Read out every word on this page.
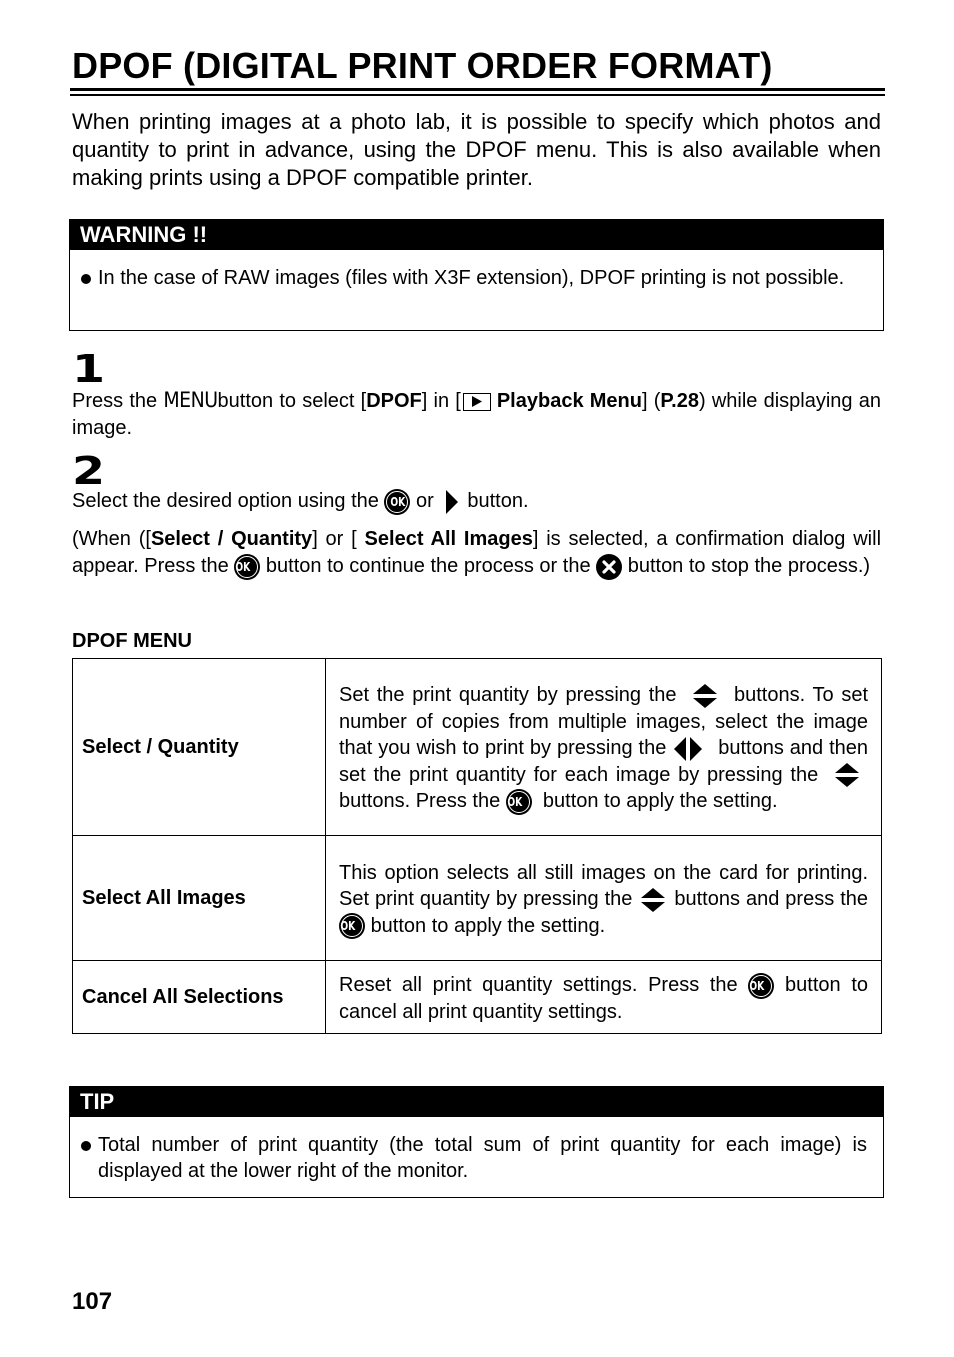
DPOF (DIGITAL PRINT ORDER FORMAT)
When printing images at a photo lab, it is possible to specify which photos and quantity to print in advance, using the DPOF menu. This is also available when making prints using a DPOF compatible printer.
WARNING !!
In the case of RAW images (files with X3F extension), DPOF printing is not possible.
1
Press the MENUbutton to select [DPOF] in [ Playback Menu] (P.28) while displaying an image.
2
Select the desired option using the OK or button.
(When ([Select / Quantity] or [ Select All Images] is selected, a confirmation dialog will appear. Press the OK button to continue the process or the button to stop the process.)
DPOF MENU
Select / Quantity	Set the print quantity by pressing the buttons. To set number of copies from multiple images, select the image that you wish to print by pressing the buttons and then set the print quantity for each image by pressing the  buttons. Press the OK button to apply the setting.
Select All Images	This option selects all still images on the card for printing. Set print quantity by pressing the buttons and press the OK button to apply the setting.
Cancel All Selections	Reset all print quantity settings. Press the OK button to cancel all print quantity settings.
TIP
Total number of print quantity (the total sum of print quantity for each image) is displayed at the lower right of the monitor.
107
